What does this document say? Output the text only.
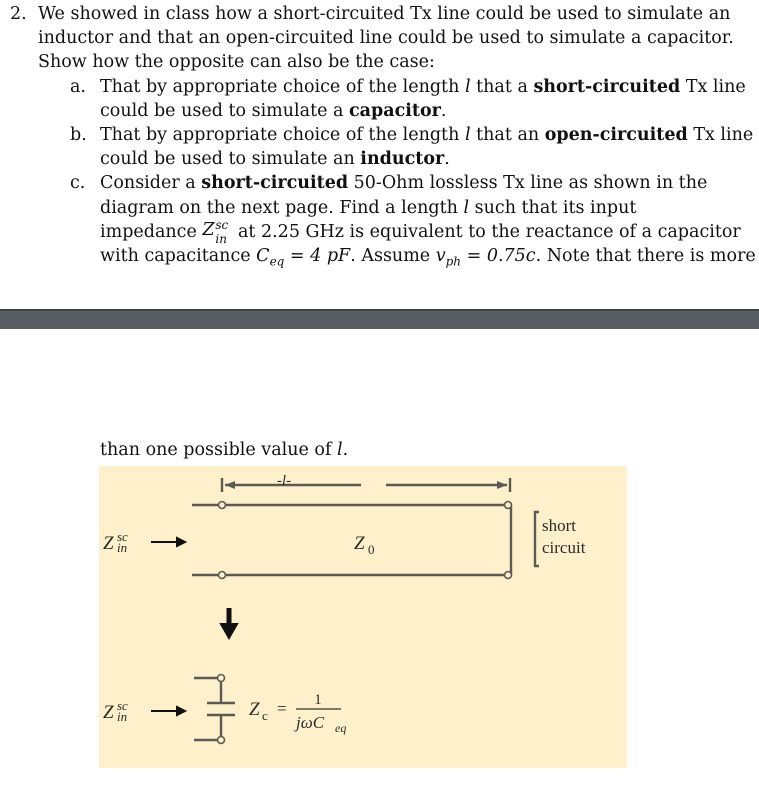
2. We showed in class how a short-circuited Tx line could be used to simulate an
inductor and that an open-circuited line could be used to simulate a capacitor.
Show how the opposite can also be the case:
a. That by appropriate choice of the length l that a short-circuited Tx line
could be used to simulate a capacitor.
b. That by appropriate choice of the length l that an open-circuited Tx line
could be used to simulate an inductor.
c. Consider a short-circuited 50-Ohm lossless Tx line as shown in the
diagram on the next page. Find a length l such that its input
impedance Z sc
in at 2.25 GHz is equivalent to the reactance of a capacitor
with capacitance $C_{eq} = 4$ pF. Assume $v_{ph} = 0.75c$. Note that there is more
than one possible value of l.
-l-
Z 0
Z sc
in
short
circuit
Z sc
in	Z c = 1
jωC eq
